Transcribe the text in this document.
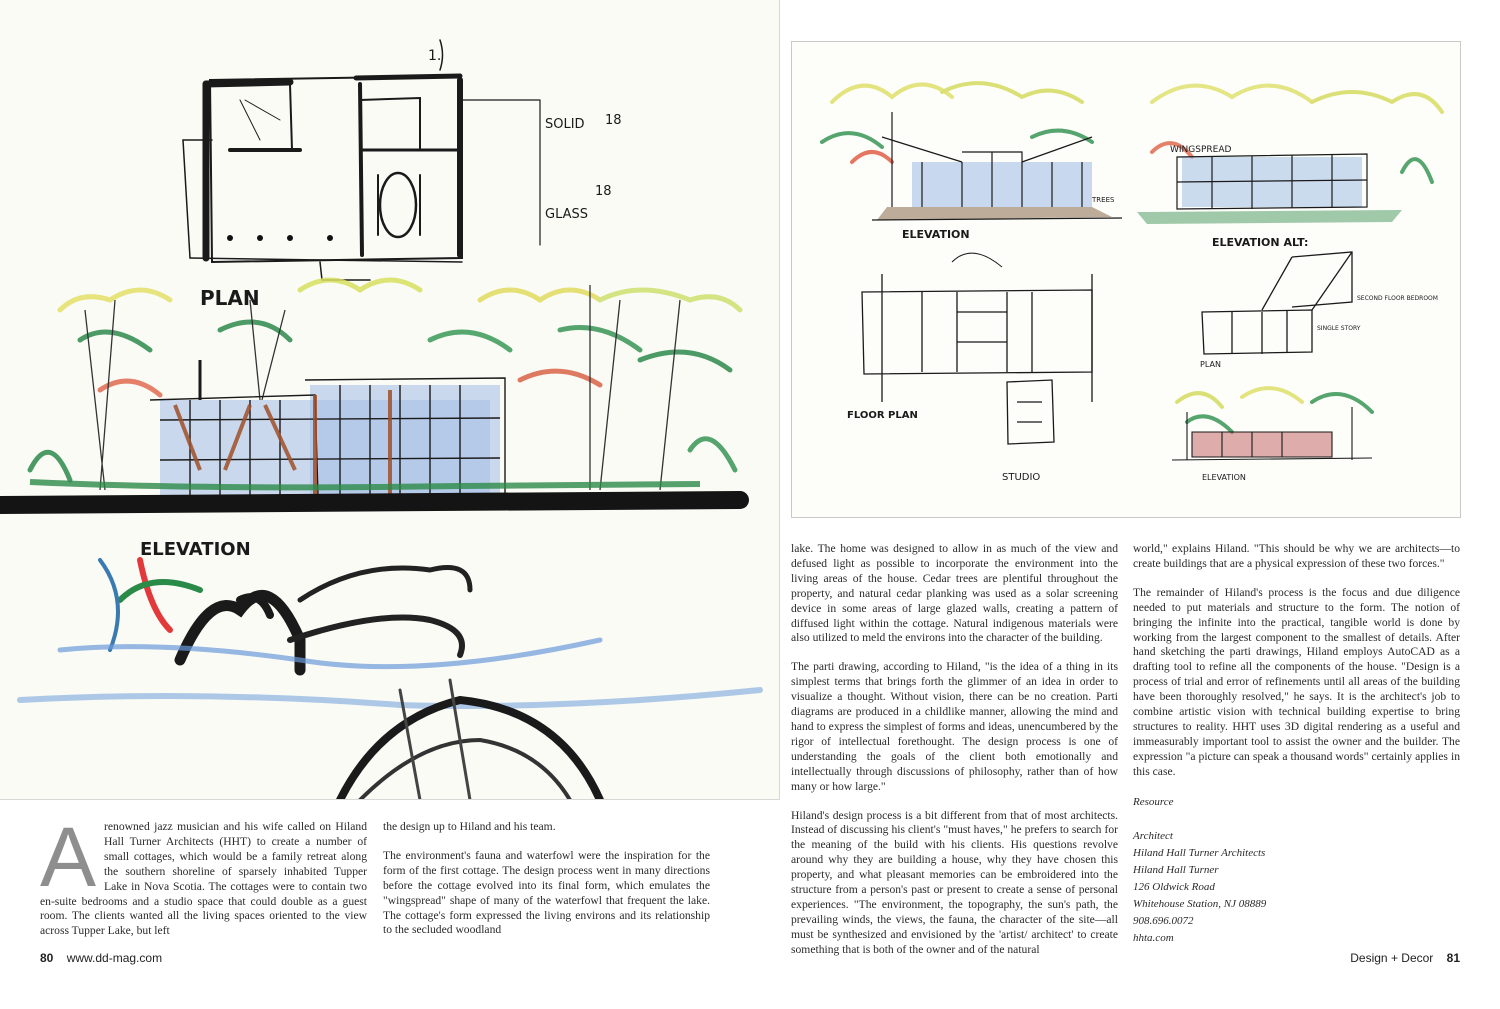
PLAN
ELEVATION
SOLID 18
GLASS
18
1.
ELEVATION
ELEVATION ALT:
WINGSPREAD
FLOOR PLAN
STUDIO
PLAN
ELEVATION
TREES
SECOND FLOOR BEDROOM
SINGLE STORY

Arenowned jazz musician and his wife called on Hiland Hall Turner Architects (HHT) to create a number of small cottages, which would be a family retreat along the southern shoreline of sparsely inhabited Tupper Lake in Nova Scotia. The cottages were to contain two en-suite bedrooms and a studio space that could double as a guest room. The clients wanted all the living spaces oriented to the view across Tupper Lake, but left

the design up to Hiland and his team.

The environment's fauna and waterfowl were the inspiration for the form of the first cottage. The design process went in many directions before the cottage evolved into its final form, which emulates the "wingspread" shape of many of the waterfowl that frequent the lake. The cottage's form expressed the living environs and its relationship to the secluded woodland

lake. The home was designed to allow in as much of the view and defused light as possible to incorporate the environment into the living areas of the house. Cedar trees are plentiful throughout the property, and natural cedar planking was used as a solar screening device in some areas of large glazed walls, creating a pattern of diffused light within the cottage. Natural indigenous materials were also utilized to meld the environs into the character of the building.

The parti drawing, according to Hiland, "is the idea of a thing in its simplest terms that brings forth the glimmer of an idea in order to visualize a thought. Without vision, there can be no creation. Parti diagrams are produced in a childlike manner, allowing the mind and hand to express the simplest of forms and ideas, unencumbered by the rigor of intellectual forethought. The design process is one of understanding the goals of the client both emotionally and intellectually through discussions of philosophy, rather than of how many or how large."

Hiland's design process is a bit different from that of most architects. Instead of discussing his client's "must haves," he prefers to search for the meaning of the build with his clients. His questions revolve around why they are building a house, why they have chosen this property, and what pleasant memories can be embroidered into the structure from a person's past or present to create a sense of personal experiences. "The environment, the topography, the sun's path, the prevailing winds, the views, the fauna, the character of the site—all must be synthesized and envisioned by the 'artist/ architect' to create something that is both of the owner and of the natural

world," explains Hiland. "This should be why we are architects—to create buildings that are a physical expression of these two forces."

The remainder of Hiland's process is the focus and due diligence needed to put materials and structure to the form. The notion of bringing the infinite into the practical, tangible world is done by working from the largest component to the smallest of details. After hand sketching the parti drawings, Hiland employs AutoCAD as a drafting tool to refine all the components of the house. "Design is a process of trial and error of refinements until all areas of the building have been thoroughly resolved," he says. It is the architect's job to combine artistic vision with technical building expertise to bring structures to reality. HHT uses 3D digital rendering as a useful and immeasurably important tool to assist the owner and the builder. The expression "a picture can speak a thousand words" certainly applies in this case.

Resource
Architect
Hiland Hall Turner Architects
Hiland Hall Turner
126 Oldwick Road
Whitehouse Station, NJ 08889
908.696.0072
hhta.com
80 www.dd-mag.com	Design + Decor 81
